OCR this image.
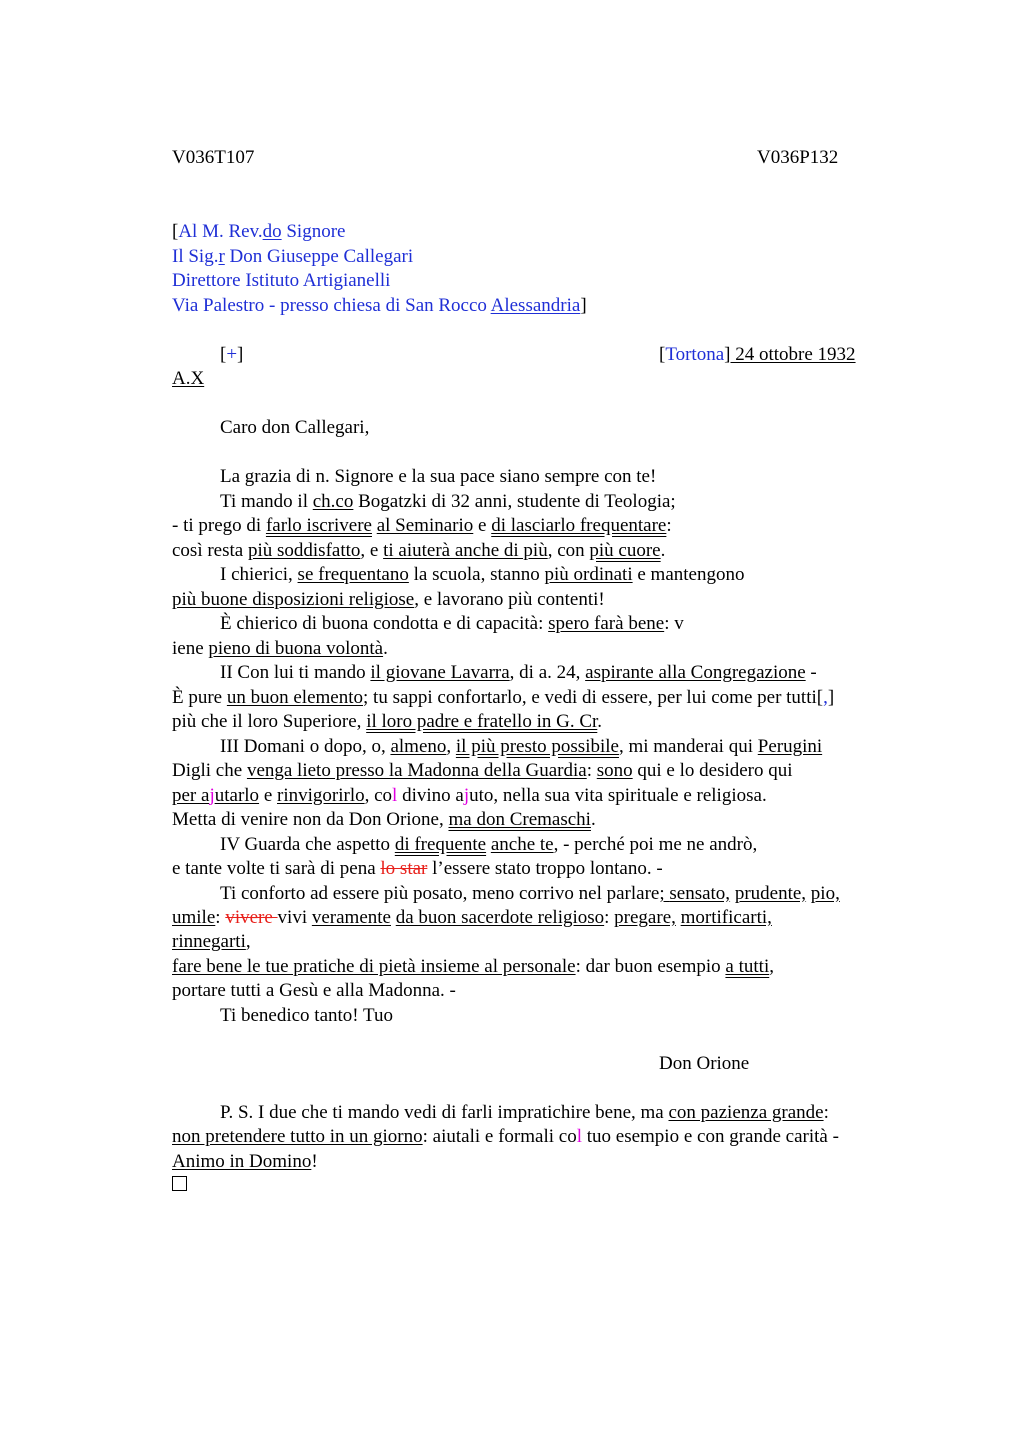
V036T107	V036P132
[Al M. Rev.do Signore
Il Sig.r Don Giuseppe Callegari
Direttore Istituto Artigianelli
Via Palestro - presso chiesa di San Rocco Alessandria]
[+]	[Tortona] 24 ottobre 1932
A.X
Caro don Callegari,
La grazia di n. Signore e la sua pace siano sempre con te!
Ti mando il ch.co Bogatzki di 32 anni, studente di Teologia;
- ti prego di farlo iscrivere al Seminario e di lasciarlo frequentare:
così resta più soddisfatto, e ti aiuterà anche di più, con più cuore.
I chierici, se frequentano la scuola, stanno più ordinati e mantengono
più buone disposizioni religiose, e lavorano più contenti!
È chierico di buona condotta e di capacità: spero farà bene: v
iene pieno di buona volontà.
II Con lui ti mando il giovane Lavarra, di a. 24, aspirante alla Congregazione -
È pure un buon elemento; tu sappi confortarlo, e vedi di essere, per lui come per tutti[,]
più che il loro Superiore, il loro padre e fratello in G. Cr.
III Domani o dopo, o, almeno, il più presto possibile, mi manderai qui Perugini
Digli che venga lieto presso la Madonna della Guardia: sono qui e lo desidero qui
per ajutarlo e rinvigorirlo, col divino ajuto, nella sua vita spirituale e religiosa.
Metta di venire non da Don Orione, ma don Cremaschi.
IV Guarda che aspetto di frequente anche te, - perché poi me ne andrò,
e tante volte ti sarà di pena lo star l’essere stato troppo lontano. -
Ti conforto ad essere più posato, meno corrivo nel parlare; sensato, prudente, pio,
umile: vivere vivi veramente da buon sacerdote religioso: pregare, mortificarti,
rinnegarti,
fare bene le tue pratiche di pietà insieme al personale: dar buon esempio a tutti,
portare tutti a Gesù e alla Madonna. -
Ti benedico tanto! Tuo
Don Orione
P. S. I due che ti mando vedi di farli impratichire bene, ma con pazienza grande:
non pretendere tutto in un giorno: aiutali e formali col tuo esempio e con grande carità -
Animo in Domino!
